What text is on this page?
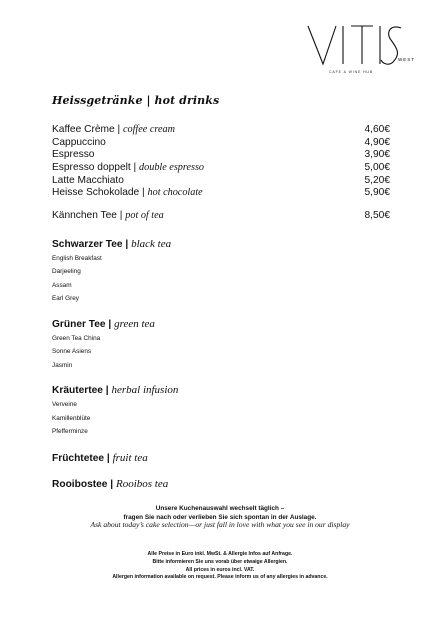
WEST
CAFE & WINE HUB
Heissgetränke | hot drinks
Kaffee Crème | coffee cream	4,60€
Cappuccino	4,90€
Espresso	3,90€
Espresso doppelt | double espresso	5,00€
Latte Macchiato	5,20€
Heisse Schokolade | hot chocolate	5,90€
Kännchen Tee | pot of tea	8,50€
Schwarzer Tee | black tea
English Breakfast
Darjeeling
Assam
Earl Grey
Grüner Tee | green tea
Green Tea China
Sonne Asiens
Jasmin
Kräutertee | herbal infusion
Verveine
Kamillenblüte
Pfefferminze
Früchtetee | fruit tea
Rooibostee | Rooibos tea
Unsere Kuchenauswahl wechselt täglich –
fragen Sie nach oder verlieben Sie sich spontan in der Auslage.
Ask about today’s cake selection—or just fall in love with what you see in our display
Alle Preise in Euro inkl. MwSt. & Allergie Infos auf Anfrage.
Bitte informieren Sie uns vorab über etwaige Allergien.
All prices in euros incl. VAT.
Allergen information available on request. Please inform us of any allergies in advance.
